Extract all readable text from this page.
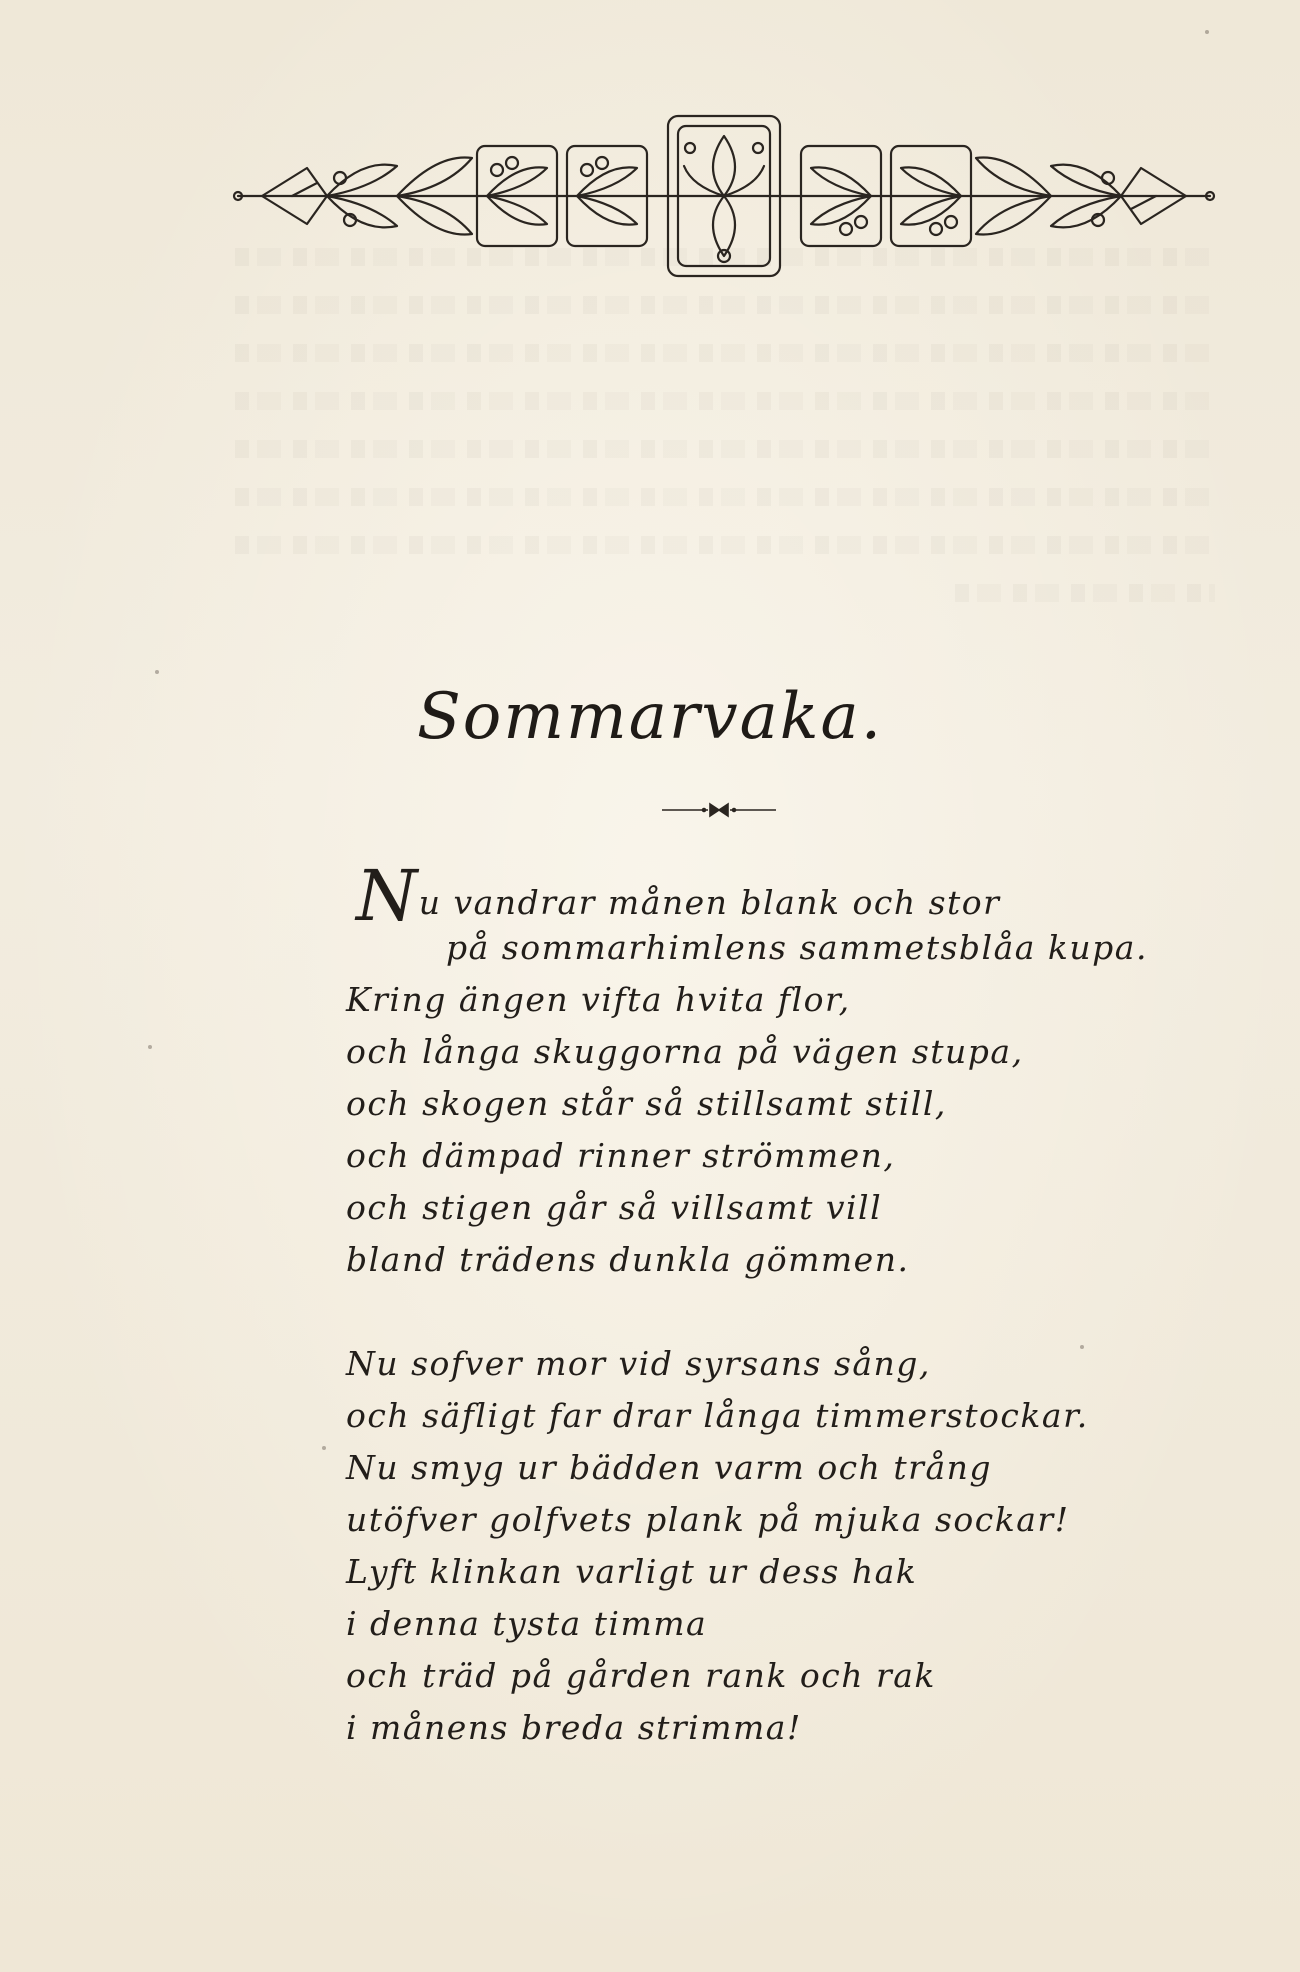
Sommarvaka.
Nu vandrar månen blank och stor
på sommarhimlens sammetsblåa kupa.
Kring ängen vifta hvita flor,
och långa skuggorna på vägen stupa,
och skogen står så stillsamt still,
och dämpad rinner strömmen,
och stigen går så villsamt vill
bland trädens dunkla gömmen.
Nu sofver mor vid syrsans sång,
och säfligt far drar långa timmerstockar.
Nu smyg ur bädden varm och trång
utöfver golfvets plank på mjuka sockar!
Lyft klinkan varligt ur dess hak
i denna tysta timma
och träd på gården rank och rak
i månens breda strimma!
